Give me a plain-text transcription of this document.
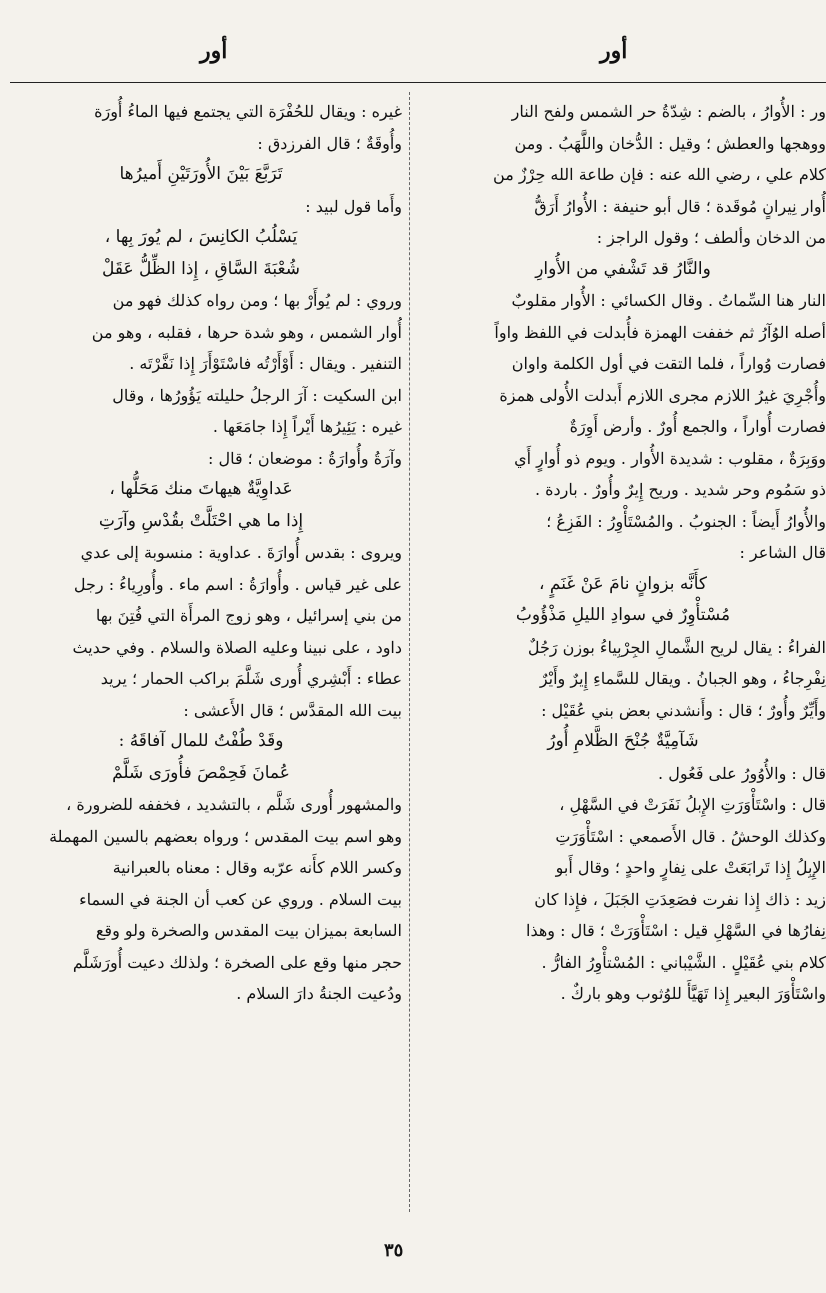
أور	أور
ور : الأُوارُ ، بالضم : شِدّةُ حر الشمس ولفح النار
ووهجها والعطش ؛ وقيل : الدُّخان واللَّهَبُ . ومن
كلام علي ، رضي الله عنه : فإن طاعة الله حِرْزٌ من
أُوار نِيرانٍ مُوقَدة ؛ قال أبو حنيفة : الأُوارُ أَرَقُّ
من الدخان وألطف ؛ وقول الراجز :
والنَّارُ قد تَشْفي من الأُوارِ
النار هنا السِّماتُ . وقال الكسائي : الأُوار مقلوبٌ
أصله الوُآرُ ثم خففت الهمزة فأُبدلت في اللفظ واواً
فصارت وُواراً ، فلما التقت في أول الكلمة واوان
وأُجْرِيَ غيرُ اللازم مجرى اللازم أَبدلت الأُولى همزة
فصارت أُواراً ، والجمع أُورٌ . وأرض أَوِرَةٌ
ووَبِرَةٌ ، مقلوب : شديدة الأُوار . ويوم ذو أُوارٍ أَي
ذو سَمُوم وحر شديد . وريح إِيرٌ وأُورٌ . باردة .
والأُوارُ أَيضاً : الجنوبُ . والمُسْتَأْوِرُ : الفَزِعُ ؛
قال الشاعر :
كأَنَّه بزوانٍ نامَ عَنْ غَنَمٍ ،
مُسْتأْوِرٌ في سوادِ الليلِ مَذْؤُوبُ
الفراءُ : يقال لريح الشَّمالِ الجِرْبِياءُ بوزن رَجُلٌ
نِفْرِجاءُ ، وهو الجبانُ . ويقال للسَّماءِ إِيرٌ وأَيْرٌ
وأَيِّرٌ وأُورٌ ؛ قال : وأَنشدني بعض بني عُقَيْل :
شَآمِيَّةٌ جُنْحَ الظَّلامِ أُورُ
قال : والأُوُورُ على فَعُول .
قال : واسْتَأْوَرَتِ الإِبلُ نَفَرَتْ في السَّهْلِ ،
وكذلك الوحشُ . قال الأَصمعي : اسْتَأْوَرَتِ
الإِبِلُ إِذا تَرابَعَتْ على نِفارٍ واحدٍ ؛ وقال أَبو
زيد : ذاك إِذا نفرت فصَعِدَتِ الجَبَلَ ، فإِذا كان
نِفارُها في السَّهْلِ قيل : اسْتَأْوَرَتْ ؛ قال : وهذا
كلام بني عُقَيْلٍ . الشَّيْباني : المُسْتأْوِرُ الفارُّ .
واسْتَأْوَرَ البعير إِذا تَهَيَّأَ للوُثوب وهو باركٌ .
غيره : ويقال للحُفْرَة التي يجتمع فيها الماءُ أُورَة
وأُوقَةٌ ؛ قال الفرزدق :
تَرَبَّعَ بَيْنَ الأُورَتَيْنِ أَميرُها
وأَما قول لبيد :
يَسْلُبُ الكانِسَ ، لم يُورَ بِها ،
شُعْبَةَ السَّاقِ ، إِذا الظِّلُّ عَقَلْ
وروي : لم يُوأَرْ بها ؛ ومن رواه كذلك فهو من
أُوار الشمس ، وهو شدة حرها ، فقلبه ، وهو من
التنفير . ويقال : أَوْأَرْتُه فاسْتَوْأَرَ إِذا نَفَّرْتَه .
ابن السكيت : آرَ الرجلُ حليلته يَؤُورُها ، وقال
غيره : يَئِيرُها أَيْراً إِذا جامَعَها .
وآرَةُ وأُوارَةُ : موضعان ؛ قال :
عَداوِيَّةٌ هيهاتَ منك مَحَلُّها ،
إِذا ما هي احْتَلَّتْ بقُدْسِ وآرَتِ
ويروى : بقدس أُوارَةَ . عداوية : منسوبة إلى عدي
على غير قياس . وأُوارَةُ : اسم ماء . وأُورِياءُ : رجل
من بني إسرائيل ، وهو زوج المرأَة التي فُتِنَ بها
داود ، على نبينا وعليه الصلاة والسلام . وفي حديث
عطاء : أَبْشِري أُورى شَلَّمَ براكب الحمار ؛ يريد
بيت الله المقدَّس ؛ قال الأَعشى :
وقَدْ طُفْتُ للمال آفاقَهُ :
عُمانَ فَحِمْصَ فأُورَى شَلَّمْ
والمشهور أُورى شَلَّم ، بالتشديد ، فخففه للضرورة ،
وهو اسم بيت المقدس ؛ ورواه بعضهم بالسين المهملة
وكسر اللام كأَنه عرّبه وقال : معناه بالعبرانية
بيت السلام . وروي عن كعب أن الجنة في السماء
السابعة بميزان بيت المقدس والصخرة ولو وقع
حجر منها وقع على الصخرة ؛ ولذلك دعيت أُورَشَلَّم
ودُعيت الجنةُ دارَ السلام .
٣٥
